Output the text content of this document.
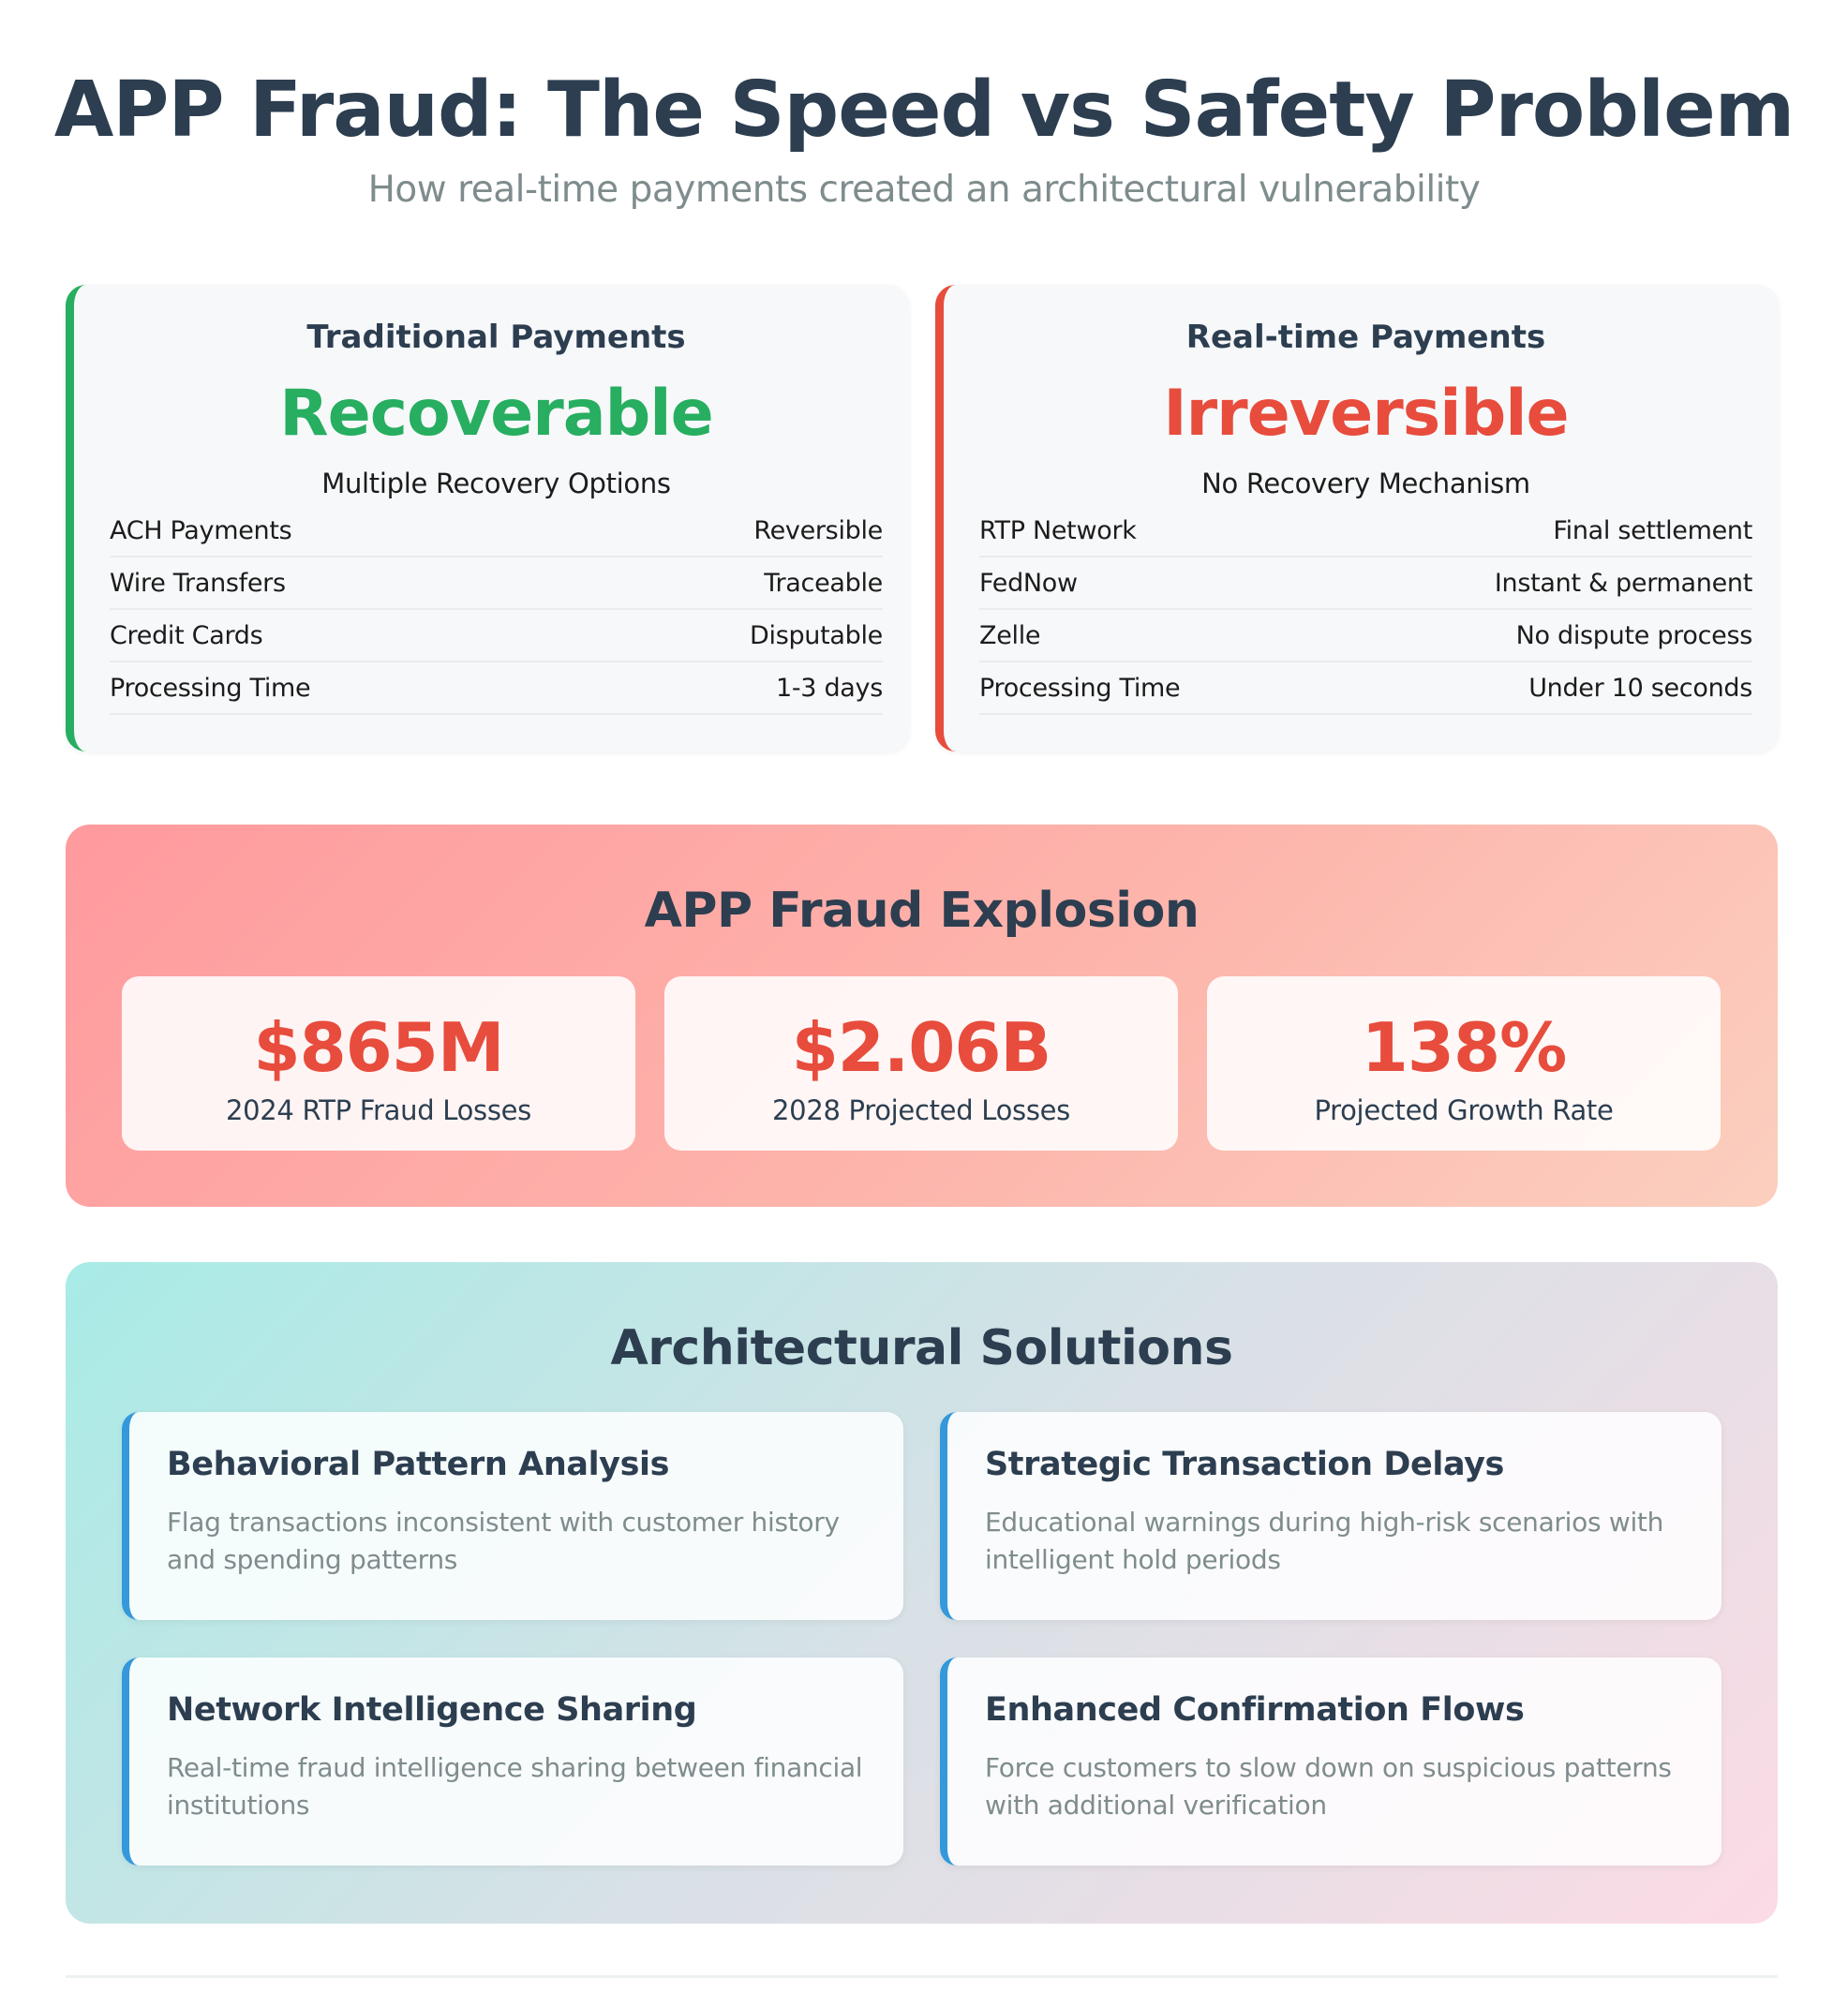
APP Fraud: The Speed vs Safety Problem
How real-time payments created an architectural vulnerability
Traditional Payments
Recoverable
Multiple Recovery Options
ACH Payments	Reversible
Wire Transfers	Traceable
Credit Cards	Disputable
Processing Time	1-3 days
Real-time Payments
Irreversible
No Recovery Mechanism
RTP Network	Final settlement
FedNow	Instant & permanent
Zelle	No dispute process
Processing Time	Under 10 seconds
APP Fraud Explosion
$865M
2024 RTP Fraud Losses
$2.06B
2028 Projected Losses
138%
Projected Growth Rate
Architectural Solutions
Behavioral Pattern Analysis
Flag transactions inconsistent with customer history and spending patterns
Strategic Transaction Delays
Educational warnings during high-risk scenarios with intelligent hold periods
Network Intelligence Sharing
Real-time fraud intelligence sharing between financial institutions
Enhanced Confirmation Flows
Force customers to slow down on suspicious patterns with additional verification
